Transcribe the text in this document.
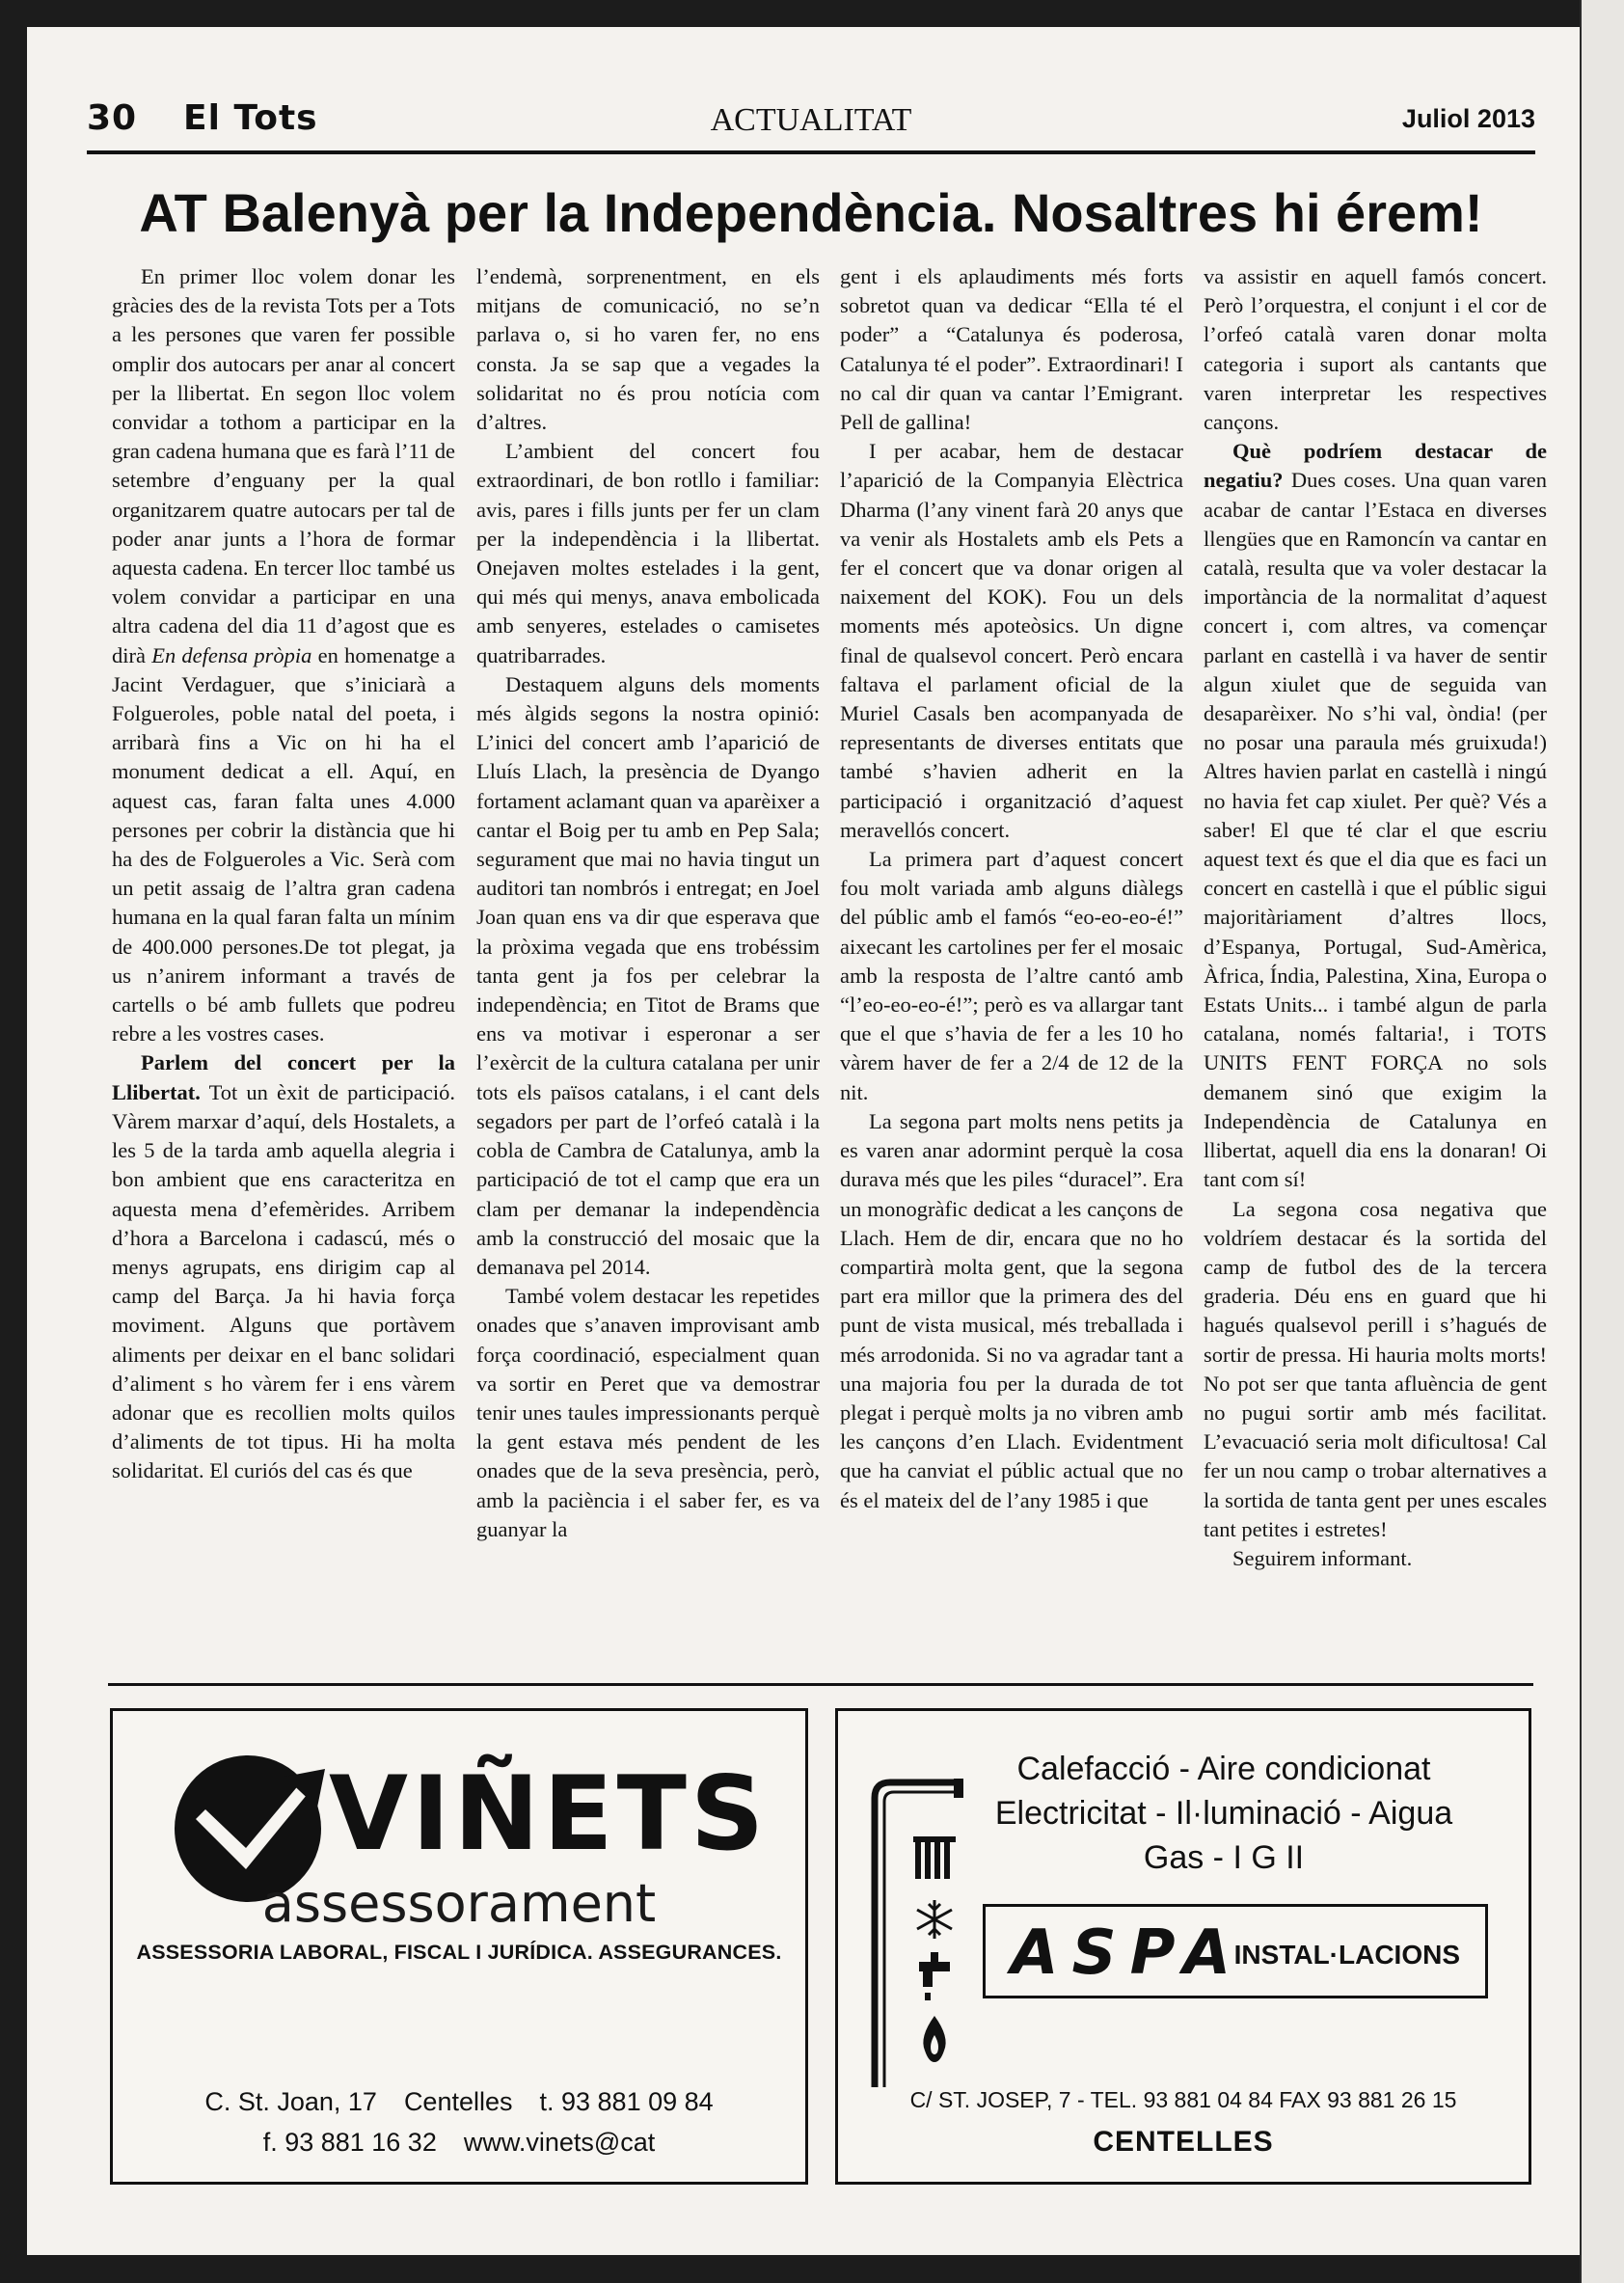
30 El Tots	ACTUALITAT	Juliol 2013
AT Balenyà per la Independència. Nosaltres hi érem!

En primer lloc volem donar les gràcies des de la revista Tots per a Tots a les persones que varen fer possible omplir dos autocars per anar al concert per la llibertat. En segon lloc volem convidar a tothom a participar en la gran cadena humana que es farà l’11 de setembre d’enguany per la qual organitzarem quatre autocars per tal de poder anar junts a l’hora de formar aquesta cadena. En tercer lloc també us volem convidar a participar en una altra cadena del dia 11 d’agost que es dirà En defensa pròpia en homenatge a Jacint Verdaguer, que s’iniciarà a Folgueroles, poble natal del poeta, i arribarà fins a Vic on hi ha el monument dedicat a ell. Aquí, en aquest cas, faran falta unes 4.000 persones per cobrir la distància que hi ha des de Folgueroles a Vic. Serà com un petit assaig de l’altra gran cadena humana en la qual faran falta un mínim de 400.000 persones.De tot plegat, ja us n’anirem informant a través de cartells o bé amb fullets que podreu rebre a les vostres cases.

Parlem del concert per la Llibertat. Tot un èxit de participació. Vàrem marxar d’aquí, dels Hostalets, a les 5 de la tarda amb aquella alegria i bon ambient que ens caracteritza en aquesta mena d’efemèrides. Arribem d’hora a Barcelona i cadascú, més o menys agrupats, ens dirigim cap al camp del Barça. Ja hi havia força moviment. Alguns que portàvem aliments per deixar en el banc solidari d’aliment s ho vàrem fer i ens vàrem adonar que es recollien molts quilos d’aliments de tot tipus. Hi ha molta solidaritat. El curiós del cas és que

l’endemà, sorprenentment, en els mitjans de comunicació, no se’n parlava o, si ho varen fer, no ens consta. Ja se sap que a vegades la solidaritat no és prou notícia com d’altres.

L’ambient del concert fou extraordinari, de bon rotllo i familiar: avis, pares i fills junts per fer un clam per la independència i la llibertat. Onejaven moltes estelades i la gent, qui més qui menys, anava embolicada amb senyeres, estelades o camisetes quatribarrades.

Destaquem alguns dels moments més àlgids segons la nostra opinió: L’inici del concert amb l’aparició de Lluís Llach, la presència de Dyango fortament aclamant quan va aparèixer a cantar el Boig per tu amb en Pep Sala; segurament que mai no havia tingut un auditori tan nombrós i entregat; en Joel Joan quan ens va dir que esperava que la pròxima vegada que ens trobéssim tanta gent ja fos per celebrar la independència; en Titot de Brams que ens va motivar i esperonar a ser l’exèrcit de la cultura catalana per unir tots els països catalans, i el cant dels segadors per part de l’orfeó català i la cobla de Cambra de Catalunya, amb la participació de tot el camp que era un clam per demanar la independència amb la construcció del mosaic que la demanava pel 2014.

També volem destacar les repetides onades que s’anaven improvisant amb força coordinació, especialment quan va sortir en Peret que va demostrar tenir unes taules impressionants perquè la gent estava més pendent de les onades que de la seva presència, però, amb la paciència i el saber fer, es va guanyar la

gent i els aplaudiments més forts sobretot quan va dedicar “Ella té el poder” a “Catalunya és poderosa, Catalunya té el poder”. Extraordinari! I no cal dir quan va cantar l’Emigrant. Pell de gallina!

I per acabar, hem de destacar l’aparició de la Companyia Elèctrica Dharma (l’any vinent farà 20 anys que va venir als Hostalets amb els Pets a fer el concert que va donar origen al naixement del KOK). Fou un dels moments més apoteòsics. Un digne final de qualsevol concert. Però encara faltava el parlament oficial de la Muriel Casals ben acompanyada de representants de diverses entitats que també s’havien adherit en la participació i organització d’aquest meravellós concert.

La primera part d’aquest concert fou molt variada amb alguns diàlegs del públic amb el famós “eo-eo-eo-é!” aixecant les cartolines per fer el mosaic amb la resposta de l’altre cantó amb “l’eo-eo-eo-é!”; però es va allargar tant que el que s’havia de fer a les 10 ho vàrem haver de fer a 2/4 de 12 de la nit.

La segona part molts nens petits ja es varen anar adormint perquè la cosa durava més que les piles “duracel”. Era un monogràfic dedicat a les cançons de Llach. Hem de dir, encara que no ho compartirà molta gent, que la segona part era millor que la primera des del punt de vista musical, més treballada i més arrodonida. Si no va agradar tant a una majoria fou per la durada de tot plegat i perquè molts ja no vibren amb les cançons d’en Llach. Evidentment que ha canviat el públic actual que no és el mateix del de l’any 1985 i que

va assistir en aquell famós concert. Però l’orquestra, el conjunt i el cor de l’orfeó català varen donar molta categoria i suport als cantants que varen interpretar les respectives cançons.

Què podríem destacar de negatiu? Dues coses. Una quan varen acabar de cantar l’Estaca en diverses llengües que en Ramoncín va cantar en català, resulta que va voler destacar la importància de la normalitat d’aquest concert i, com altres, va començar parlant en castellà i va haver de sentir algun xiulet que de seguida van desaparèixer. No s’hi val, òndia! (per no posar una paraula més gruixuda!) Altres havien parlat en castellà i ningú no havia fet cap xiulet. Per què? Vés a saber! El que té clar el que escriu aquest text és que el dia que es faci un concert en castellà i que el públic sigui majoritàriament d’altres llocs, d’Espanya, Portugal, Sud-Amèrica, Àfrica, Índia, Palestina, Xina, Europa o Estats Units... i també algun de parla catalana, només faltaria!, i TOTS UNITS FENT FORÇA no sols demanem sinó que exigim la Independència de Catalunya en llibertat, aquell dia ens la donaran! Oi tant com sí!

La segona cosa negativa que voldríem destacar és la sortida del camp de futbol des de la tercera graderia. Déu ens en guard que hi hagués qualsevol perill i s’hagués de sortir de pressa. Hi hauria molts morts! No pot ser que tanta afluència de gent no pugui sortir amb més facilitat. L’evacuació seria molt dificultosa! Cal fer un nou camp o trobar alternatives a la sortida de tanta gent per unes escales tant petites i estretes!

Seguirem informant.

VIÑETS
assessorament
ASSESSORIA LABORAL, FISCAL I JURÍDICA. ASSEGURANCES.
C. St. Joan, 17 Centelles t. 93 881 09 84
f. 93 881 16 32 www.vinets@cat
Calefacció - Aire condicionat
Electricitat - Il·luminació - Aigua
Gas - I G II
ASPA
INSTAL·LACIONS
C/ ST. JOSEP, 7 - TEL. 93 881 04 84 FAX 93 881 26 15
CENTELLES
